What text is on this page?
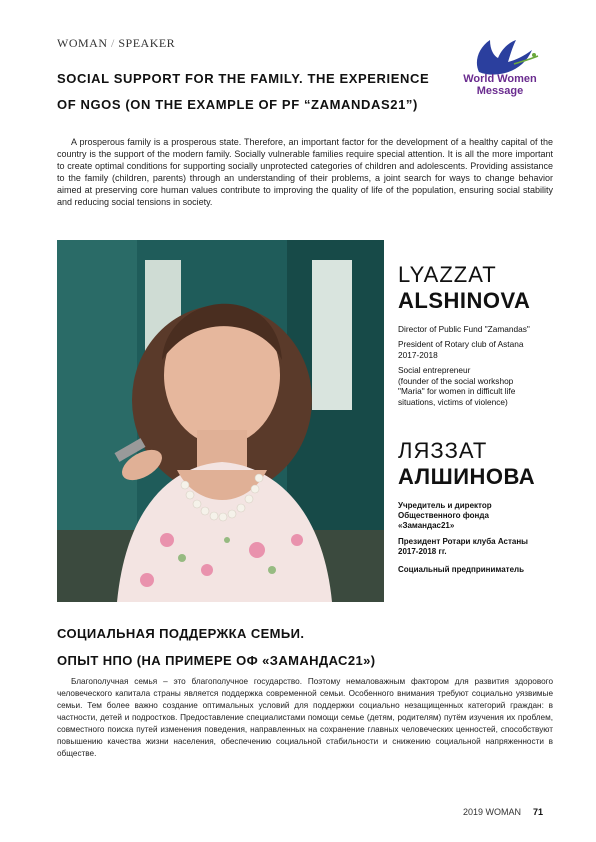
WOMAN / SPEAKER
World Women
Message
SOCIAL SUPPORT FOR THE FAMILY. THE EXPERIENCE
OF NGOS (ON THE EXAMPLE OF PF “ZAMANDAS21”)

A prosperous family is a prosperous state. Therefore, an important factor for the development of a healthy capital of the country is the support of the modern family. Socially vulnerable families require special attention. It is all the more important to create optimal conditions for supporting socially unprotected categories of children and adolescents. Providing assistance to the family (children, parents) through an understanding of their problems, a joint search for ways to change behavior aimed at preserving core human values contribute to improving the quality of life of the population, ensuring social stability and reducing social tensions in society.

LYAZZAT
ALSHINOVA
Director of Public Fund "Zamandas"
President of Rotary club of Astana
2017-2018
Social entrepreneur
(founder of the social workshop
"Maria" for women in difficult life
situations, victims of violence)
ЛЯЗЗАТ
АЛШИНОВА
Учредитель и директор
Общественного фонда
«Замандас21»
Президент Ротари клуба Астаны
2017-2018 гг.
Социальный предприниматель
СОЦИАЛЬНАЯ ПОДДЕРЖКА СЕМЬИ.
ОПЫТ НПО (НА ПРИМЕРЕ ОФ «ЗАМАНДАС21»)

Благополучная семья – это благополучное государство. Поэтому немаловажным фактором для развития здорового человеческого капитала страны является поддержка современной семьи. Особенного внимания требуют социально уязвимые семьи. Тем более важно создание оптимальных условий для поддержки социально незащищенных категорий граждан: в частности, детей и подростков. Предоставление специалистами помощи семье (детям, родителям) путём изучения их проблем, совместного поиска путей изменения поведения, направленных на сохранение главных человеческих ценностей, способствуют повышению качества жизни населения, обеспечению социальной стабильности и снижению социальной напряженности в обществе.

2019 WOMAN 71
